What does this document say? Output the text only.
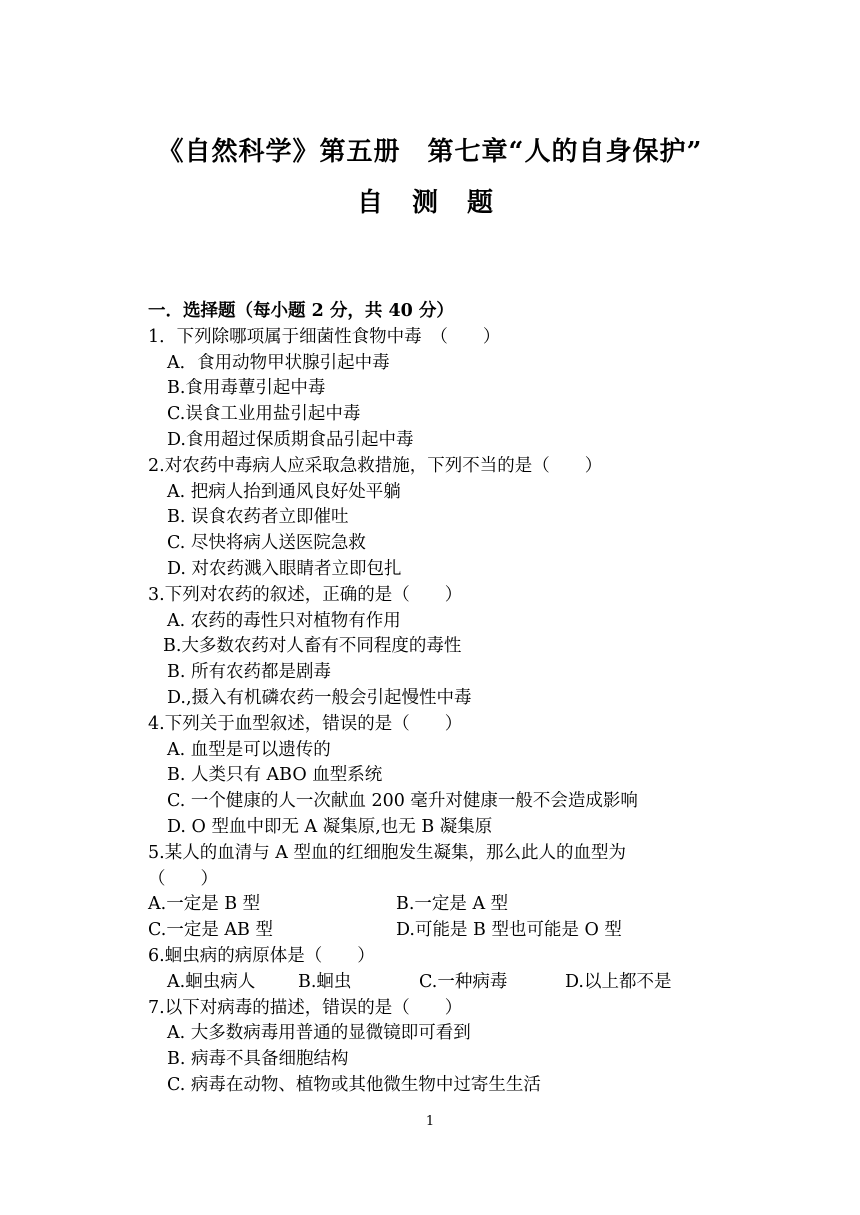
《自然科学》第五册　第七章“人的自身保护”
自 测 题
一．选择题（每小题 2 分，共 40 分）
1．下列除哪项属于细菌性食物中毒　（　　）
A．食用动物甲状腺引起中毒
B.食用毒蕈引起中毒
C.误食工业用盐引起中毒
D.食用超过保质期食品引起中毒
2.对农药中毒病人应采取急救措施，下列不当的是（　　）
A. 把病人抬到通风良好处平躺
B. 误食农药者立即催吐
C. 尽快将病人送医院急救
D. 对农药溅入眼睛者立即包扎
3.下列对农药的叙述，正确的是（　　）
A. 农药的毒性只对植物有作用
B.大多数农药对人畜有不同程度的毒性
B. 所有农药都是剧毒
D.,摄入有机磷农药一般会引起慢性中毒
4.下列关于血型叙述，错误的是（　　）
A. 血型是可以遗传的
B. 人类只有 ABO 血型系统
C. 一个健康的人一次献血 200 毫升对健康一般不会造成影响
D. O 型血中即无 A 凝集原,也无 B 凝集原
5.某人的血清与 A 型血的红细胞发生凝集，那么此人的血型为
（　　）
A.一定是 B 型	B.一定是 A 型
C.一定是 AB 型	D.可能是 B 型也可能是 O 型
6.蛔虫病的病原体是（　　）
A.蛔虫病人	B.蛔虫	C.一种病毒	D.以上都不是
7.以下对病毒的描述，错误的是（　　）
A. 大多数病毒用普通的显微镜即可看到
B. 病毒不具备细胞结构
C. 病毒在动物、植物或其他微生物中过寄生生活
1
